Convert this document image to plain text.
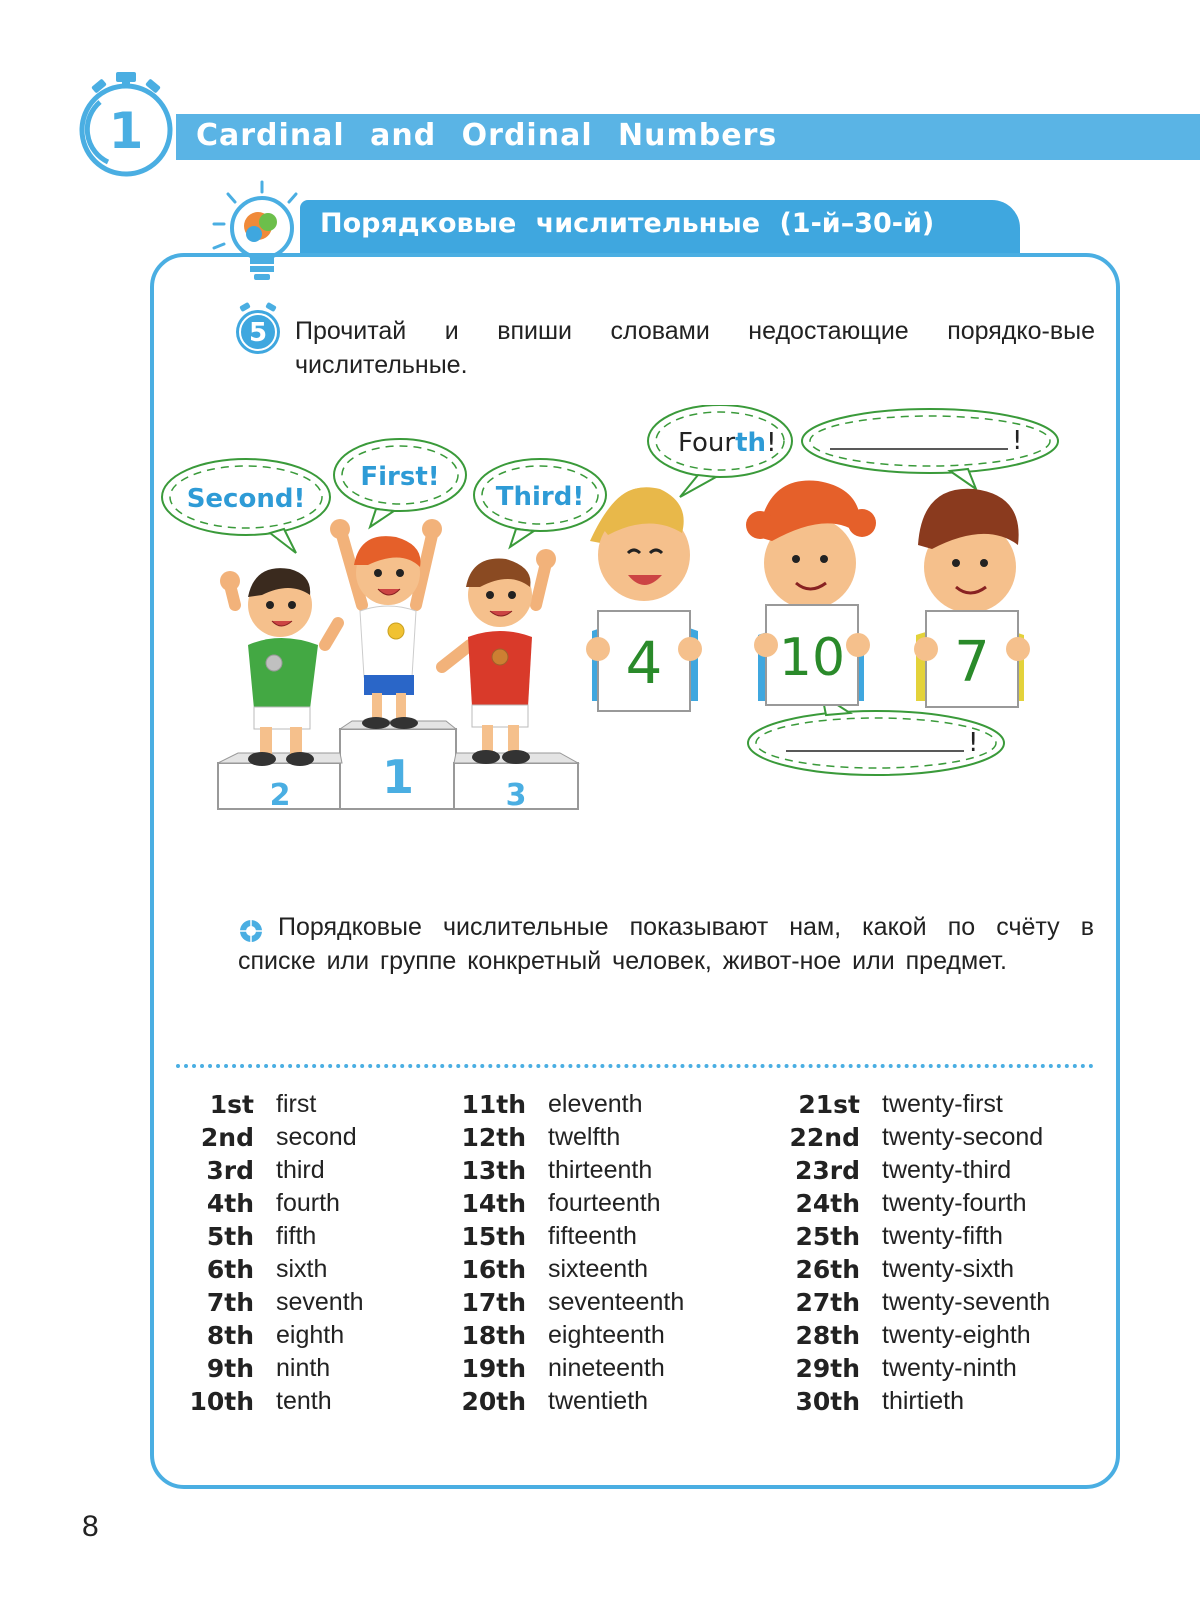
1 Cardinal and Ordinal Numbers
Порядковые числительные (1-й–30-й)
5 Прочитай и впиши словами недостающие порядко-вые числительные.
2 1	3
Second!
First!
Third!
Fourth!	!
!
4 10 7
Порядковые числительные показывают нам, какой по счёту в списке или группе конкретный человек, живот-ное или предмет.
1st first
2nd second
3rd third
4th fourth
5th fifth
6th sixth
7th seventh
8th eighth
9th ninth
10th tenth
11th eleventh
12th twelfth
13th thirteenth
14th fourteenth
15th fifteenth
16th sixteenth
17th seventeenth
18th eighteenth
19th nineteenth
20th twentieth
21st twenty-first
22nd twenty-second
23rd twenty-third
24th twenty-fourth
25th twenty-fifth
26th twenty-sixth
27th twenty-seventh
28th twenty-eighth
29th twenty-ninth
30th thirtieth
8
